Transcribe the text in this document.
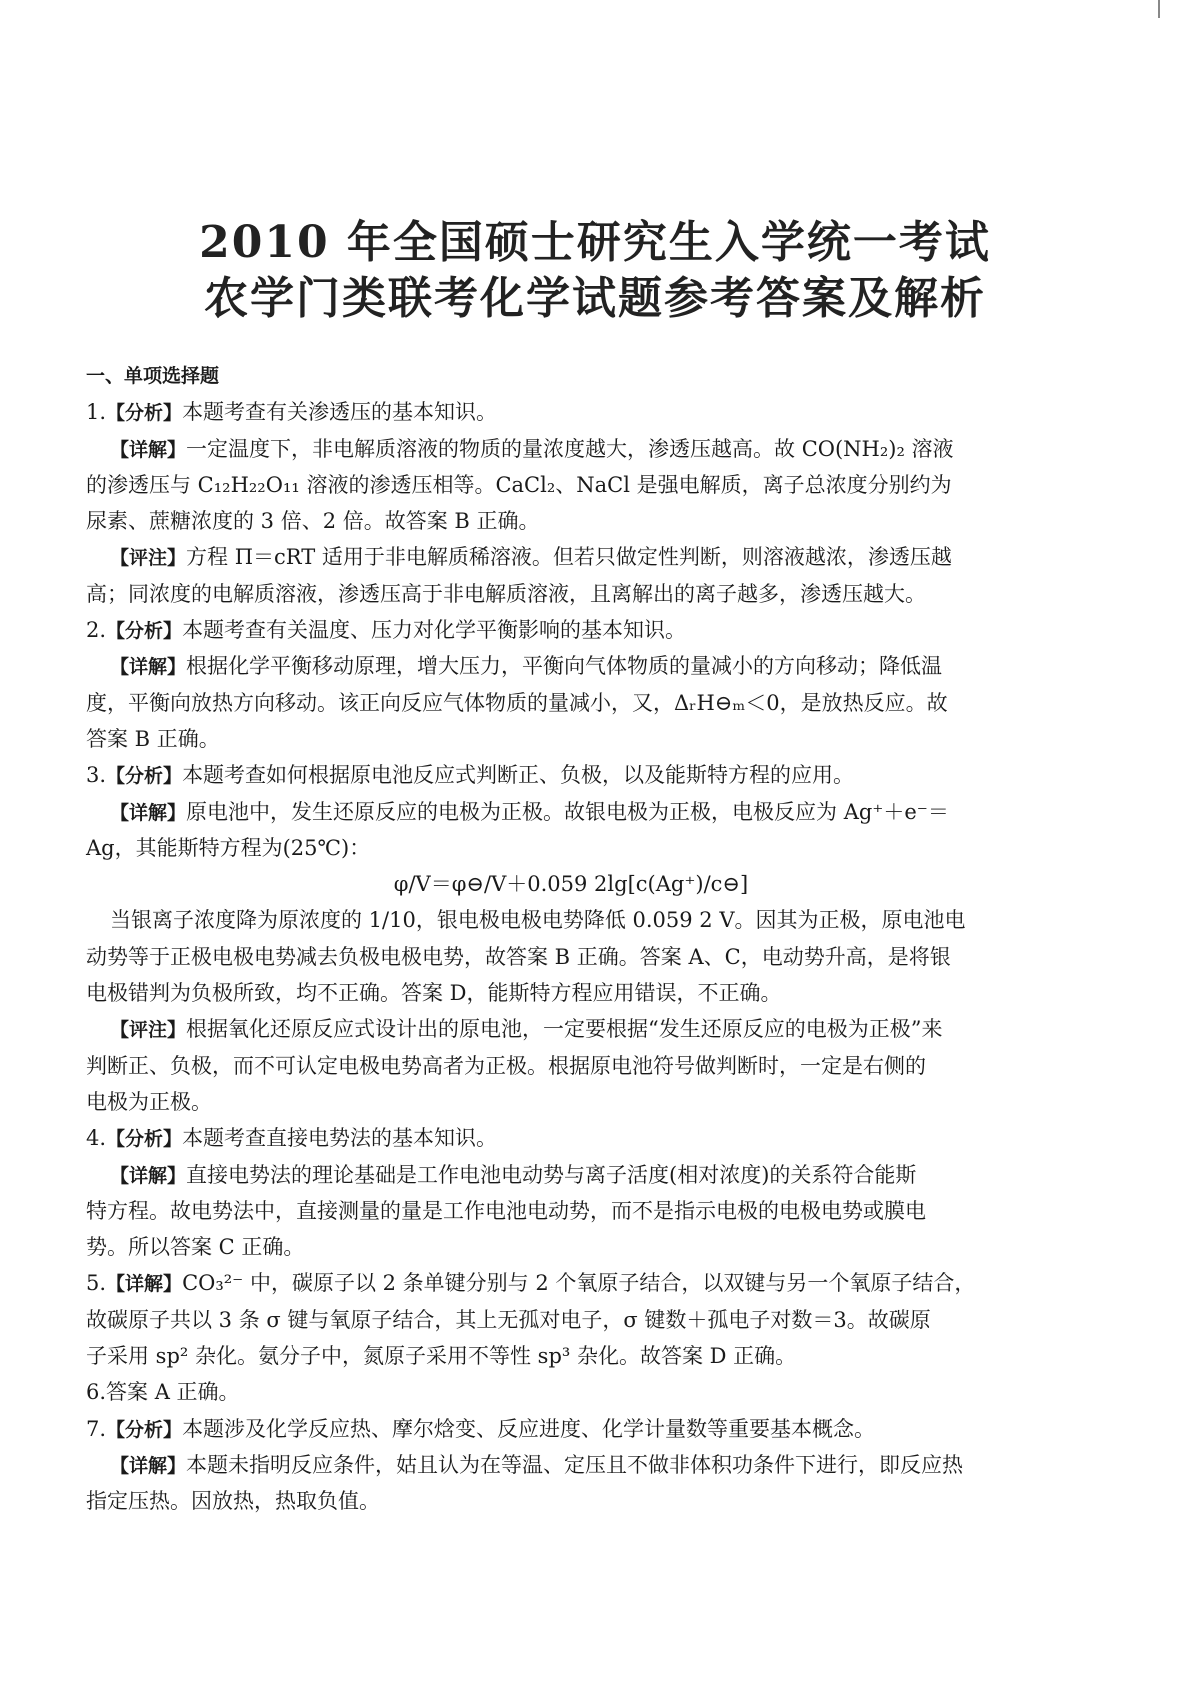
2010 年全国硕士研究生入学统一考试
农学门类联考化学试题参考答案及解析
一、单项选择题
1.【分析】本题考查有关渗透压的基本知识。
【详解】一定温度下，非电解质溶液的物质的量浓度越大，渗透压越高。故 CO(NH₂)₂ 溶液
的渗透压与 C₁₂H₂₂O₁₁ 溶液的渗透压相等。CaCl₂、NaCl 是强电解质，离子总浓度分别约为
尿素、蔗糖浓度的 3 倍、2 倍。故答案 B 正确。
【评注】方程 Π＝cRT 适用于非电解质稀溶液。但若只做定性判断，则溶液越浓，渗透压越
高；同浓度的电解质溶液，渗透压高于非电解质溶液，且离解出的离子越多，渗透压越大。
2.【分析】本题考查有关温度、压力对化学平衡影响的基本知识。
【详解】根据化学平衡移动原理，增大压力，平衡向气体物质的量减小的方向移动；降低温
度，平衡向放热方向移动。该正向反应气体物质的量减小，又，ΔᵣH⊖ₘ＜0，是放热反应。故
答案 B 正确。
3.【分析】本题考查如何根据原电池反应式判断正、负极，以及能斯特方程的应用。
【详解】原电池中，发生还原反应的电极为正极。故银电极为正极，电极反应为 Ag⁺＋e⁻＝
Ag，其能斯特方程为(25℃)：
φ/V＝φ⊖/V＋0.059 2lg[c(Ag⁺)/c⊖]
当银离子浓度降为原浓度的 1/10，银电极电极电势降低 0.059 2 V。因其为正极，原电池电
动势等于正极电极电势减去负极电极电势，故答案 B 正确。答案 A、C，电动势升高，是将银
电极错判为负极所致，均不正确。答案 D，能斯特方程应用错误，不正确。
【评注】根据氧化还原反应式设计出的原电池，一定要根据“发生还原反应的电极为正极”来
判断正、负极，而不可认定电极电势高者为正极。根据原电池符号做判断时，一定是右侧的
电极为正极。
4.【分析】本题考查直接电势法的基本知识。
【详解】直接电势法的理论基础是工作电池电动势与离子活度(相对浓度)的关系符合能斯
特方程。故电势法中，直接测量的量是工作电池电动势，而不是指示电极的电极电势或膜电
势。所以答案 C 正确。
5.【详解】CO₃²⁻ 中，碳原子以 2 条单键分别与 2 个氧原子结合，以双键与另一个氧原子结合，
故碳原子共以 3 条 σ 键与氧原子结合，其上无孤对电子，σ 键数＋孤电子对数＝3。故碳原
子采用 sp² 杂化。氨分子中，氮原子采用不等性 sp³ 杂化。故答案 D 正确。
6.答案 A 正确。
7.【分析】本题涉及化学反应热、摩尔焓变、反应进度、化学计量数等重要基本概念。
【详解】本题未指明反应条件，姑且认为在等温、定压且不做非体积功条件下进行，即反应热
指定压热。因放热，热取负值。
